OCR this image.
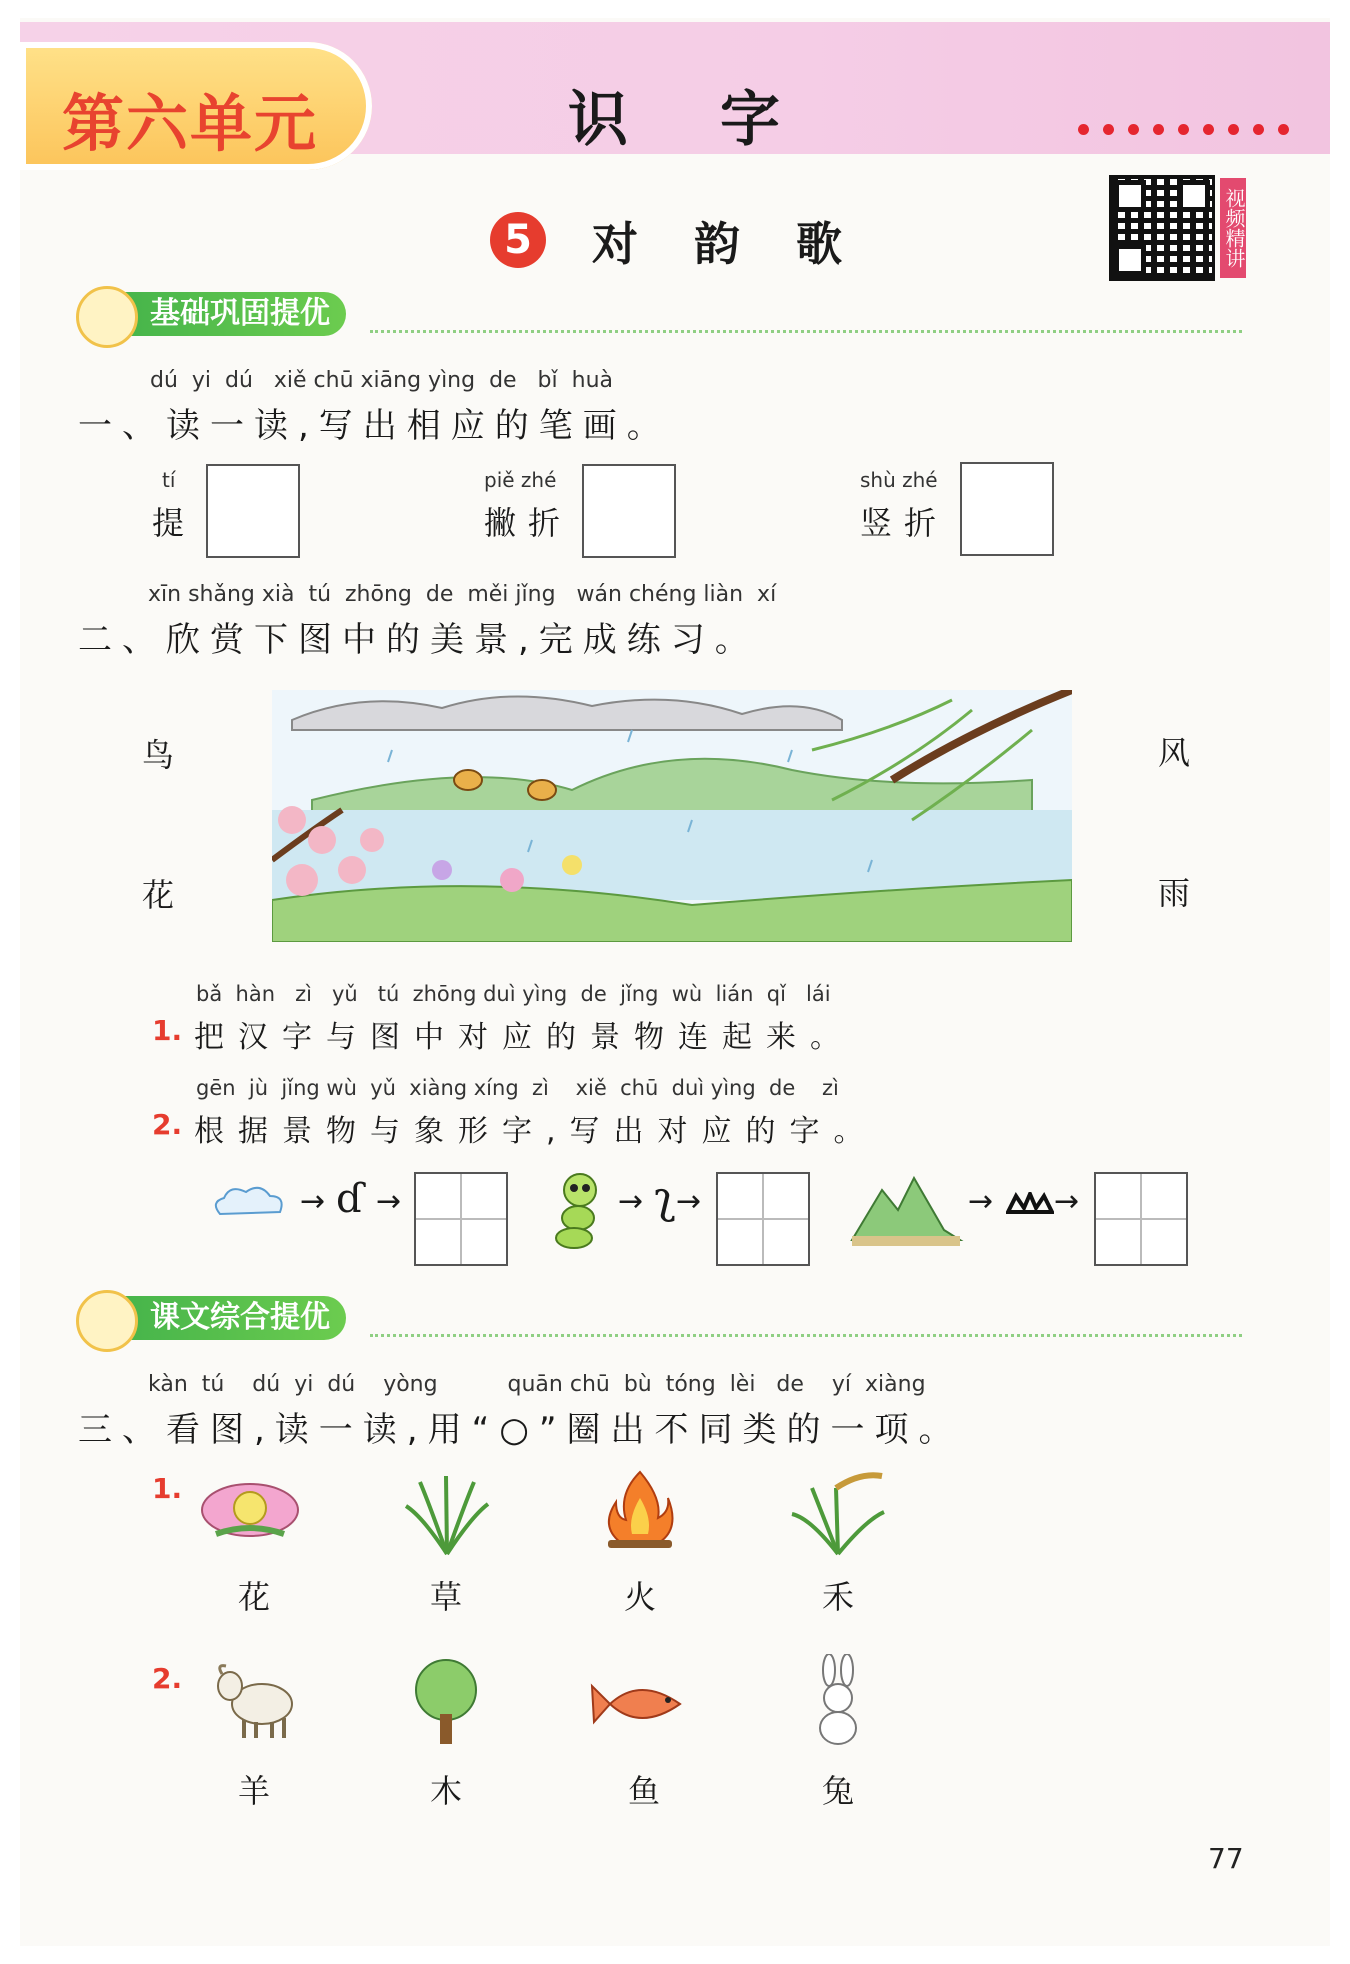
第六单元	识字
5	对韵歌	视频精讲
基础巩固提优
dú  yi  dú   xiě chū xiāng yìng  de   bǐ  huà
一、读一读,写出相应的笔画。
tí
提
piě zhé
撇折
shù zhé
竖折
xīn shǎng xià  tú  zhōng  de  měi jǐng   wán chéng liàn  xí
二、欣赏下图中的美景,完成练习。
鸟
花
风
雨
bǎ  hàn   zì   yǔ   tú  zhōng duì yìng  de  jǐng  wù  lián  qǐ   lái
1. 把汉字与图中对应的景物连起来。
gēn  jù  jǐng wù  yǔ  xiàng xíng  zì    xiě  chū  duì yìng  de    zì
2. 根据景物与象形字,写出对应的字。
→ ɗ →	→ ʅ →	→ →
课文综合提优
kàn  tú    dú  yi  dú    yòng          quān chū  bù  tóng  lèi   de    yí  xiàng
三、看图,读一读,用“○”圈出不同类的一项。
1.
花	草	火	禾
2.
羊	木	鱼	兔
77
